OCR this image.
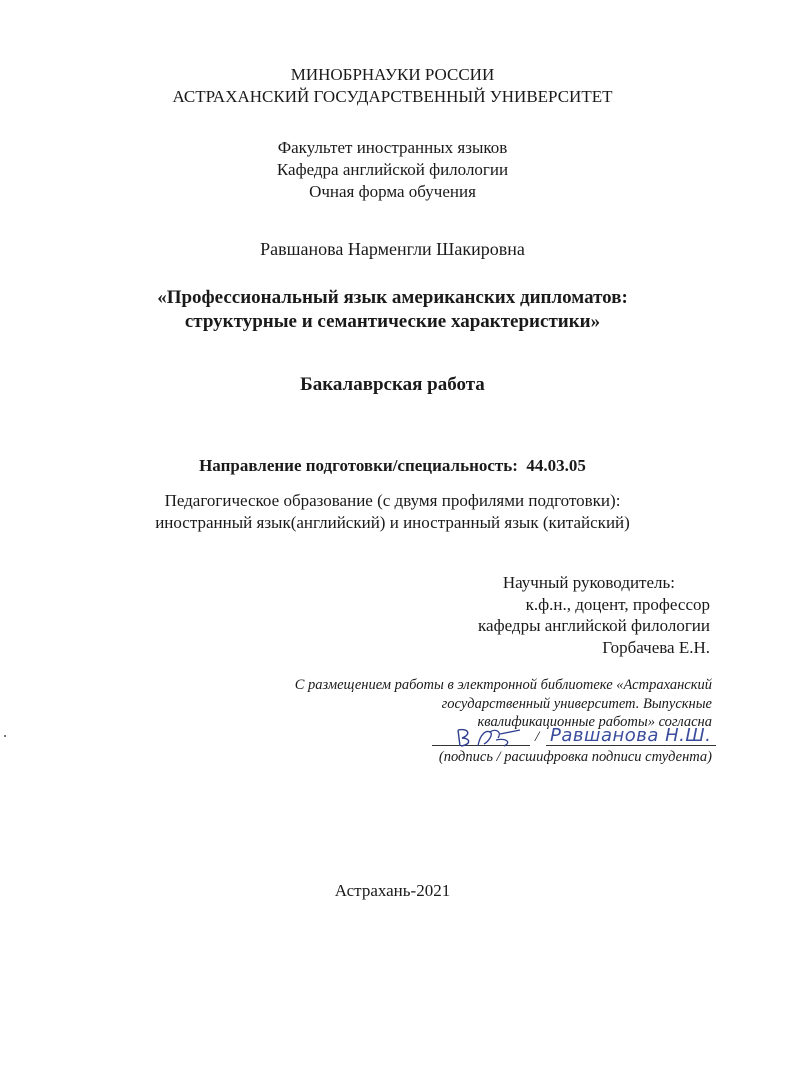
МИНОБРНАУКИ РОССИИ
АСТРАХАНСКИЙ ГОСУДАРСТВЕННЫЙ УНИВЕРСИТЕТ
Факультет иностранных языков
Кафедра английской филологии
Очная форма обучения
Равшанова Нарменгли Шакировна
«Профессиональный язык американских дипломатов:
структурные и семантические характеристики»
Бакалаврская работа
Направление подготовки/специальность: 44.03.05
Педагогическое образование (с двумя профилями подготовки):
иностранный язык(английский) и иностранный язык (китайский)
Научный руководитель:
к.ф.н., доцент, профессор
кафедры английской филологии
Горбачева Е.Н.
С размещением работы в электронной библиотеке «Астраханский
государственный университет. Выпускные
квалификационные работы» согласна
/ Равшанова Н.Ш.
(подпись / расшифровка подписи студента)
Астрахань-2021
